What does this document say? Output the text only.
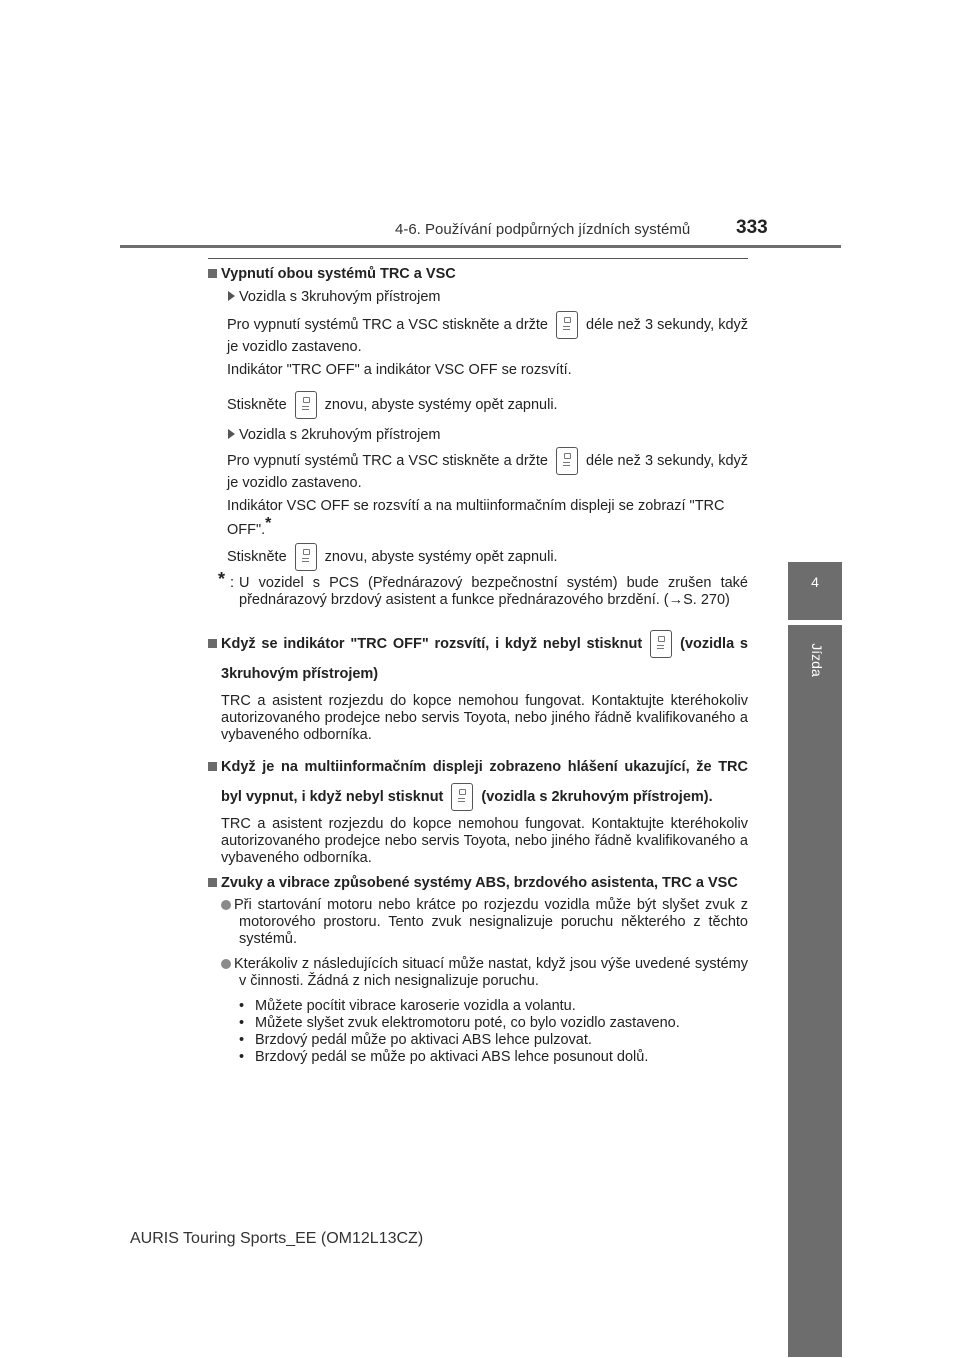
4-6. Používání podpůrných jízdních systémů 333
4
Jízda

Vypnutí obou systémů TRC a VSC

Vozidla s 3kruhovým přístrojem

Pro vypnutí systémů TRC a VSC stiskněte a držte	déle než 3 sekundy, když je vozidlo zastaveno.

Indikátor "TRC OFF" a indikátor VSC OFF se rozsvítí.

Stiskněte	znovu, abyste systémy opět zapnuli.

Vozidla s 2kruhovým přístrojem

Pro vypnutí systémů TRC a VSC stiskněte a držte	déle než 3 sekundy, když je vozidlo zastaveno.

Indikátor VSC OFF se rozsvítí a na multiinformačním displeji se zobrazí "TRC OFF".*

Stiskněte	znovu, abyste systémy opět zapnuli.

* : U vozidel s PCS (Přednárazový bezpečnostní systém) bude zrušen také přednárazový brzdový asistent a funkce přednárazového brzdění. (→S. 270)

Když se indikátor "TRC OFF" rozsvítí, i když nebyl stisknut	(vozidla s 3kruhovým přístrojem)

TRC a asistent rozjezdu do kopce nemohou fungovat. Kontaktujte kteréhokoliv autorizovaného prodejce nebo servis Toyota, nebo jiného řádně kvalifikovaného a vybaveného odborníka.

Když je na multiinformačním displeji zobrazeno hlášení ukazující, že TRC byl vypnut, i když nebyl stisknut	(vozidla s 2kruhovým přístrojem).

TRC a asistent rozjezdu do kopce nemohou fungovat. Kontaktujte kteréhokoliv autorizovaného prodejce nebo servis Toyota, nebo jiného řádně kvalifikovaného a vybaveného odborníka.

Zvuky a vibrace způsobené systémy ABS, brzdového asistenta, TRC a VSC

Při startování motoru nebo krátce po rozjezdu vozidla může být slyšet zvuk z motorového prostoru. Tento zvuk nesignalizuje poruchu některého z těchto systémů.

Kterákoliv z následujících situací může nastat, když jsou výše uvedené systémy v činnosti. Žádná z nich nesignalizuje poruchu.

• Můžete pocítit vibrace karoserie vozidla a volantu.
• Můžete slyšet zvuk elektromotoru poté, co bylo vozidlo zastaveno.
• Brzdový pedál může po aktivaci ABS lehce pulzovat.
• Brzdový pedál se může po aktivaci ABS lehce posunout dolů.
AURIS Touring Sports_EE (OM12L13CZ)
